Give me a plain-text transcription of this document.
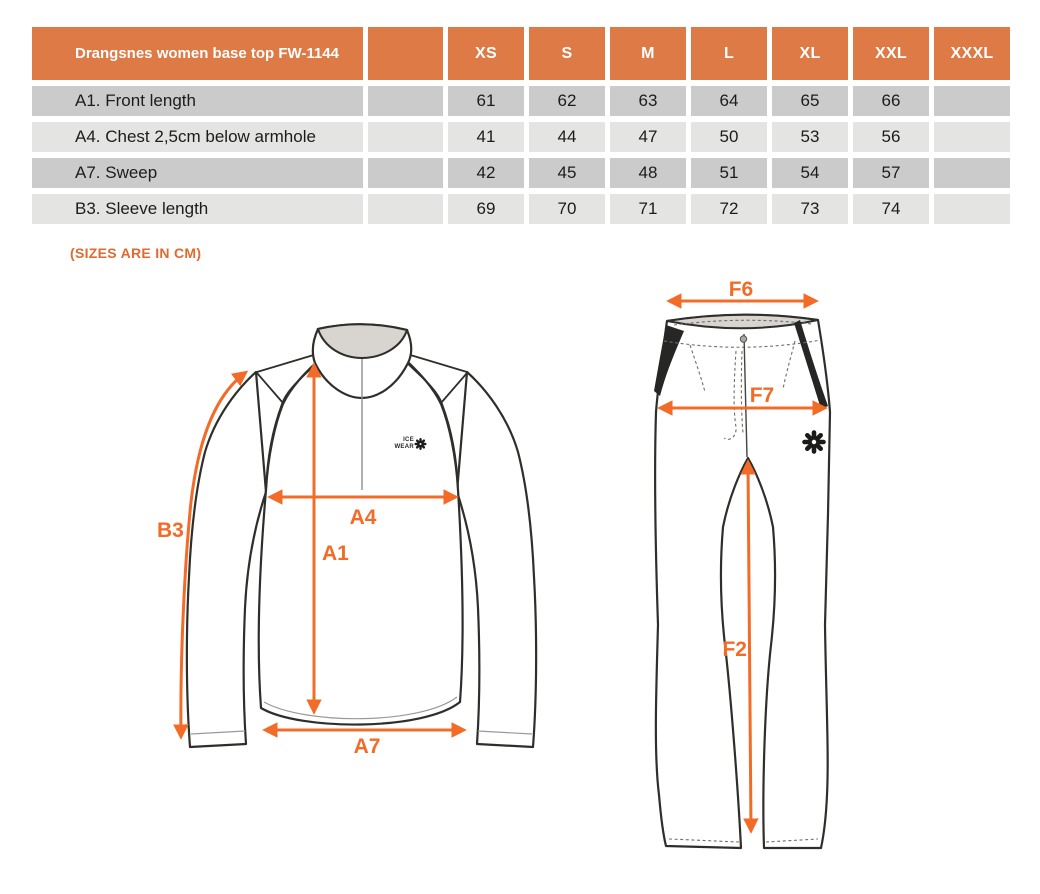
Drangsnes women base top FW-1144	XS	S	M	L	XL	XXL	XXXL
A1. Front length	61	62	63	64	65	66
A4. Chest 2,5cm below armhole	41	44	47	50	53	56
A7. Sweep	42	45	48	51	54	57
B3. Sleeve length	69	70	71	72	73	74
(SIZES ARE IN CM)
ICE
WEAR
B3
A4
A1
A7
F6
F7
F2
